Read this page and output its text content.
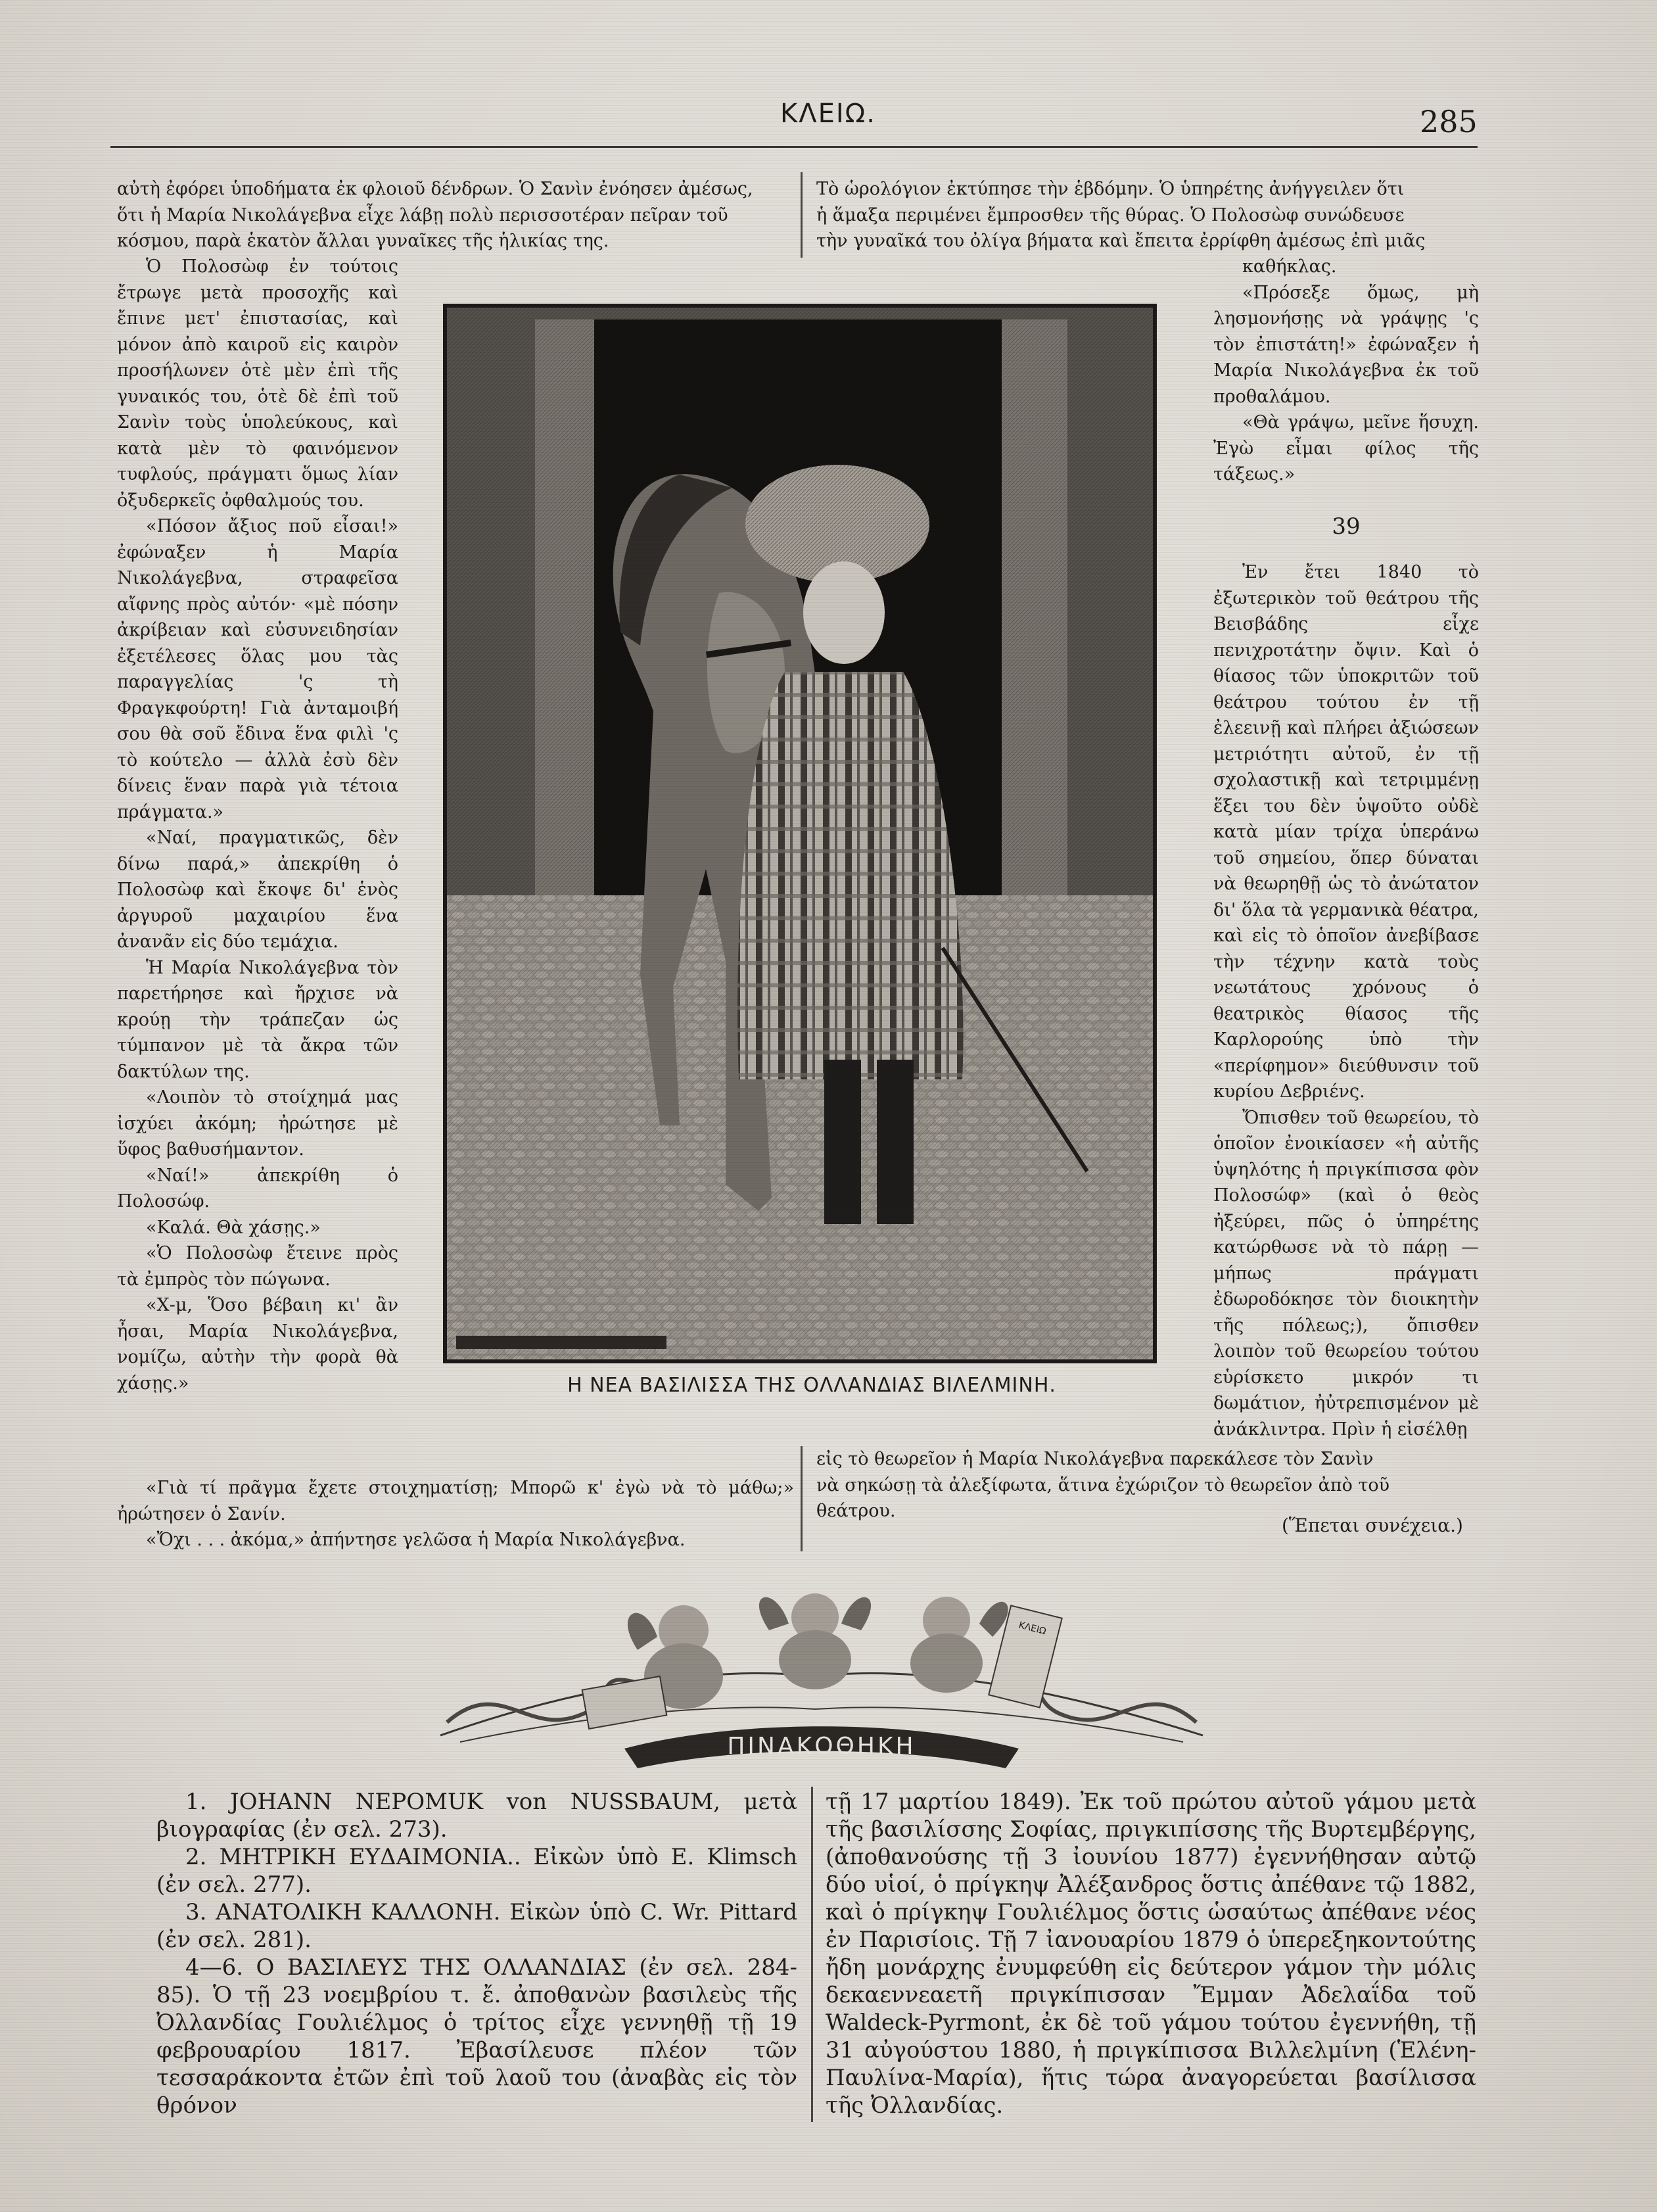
ΚΛΕΙΩ.	285

αὐτὴ ἐφόρει ὑποδήματα ἐκ φλοιοῦ δένδρων. Ὁ Σανὶν ἐνόησεν ἀμέσως,

ὅτι ἡ Μαρία Νικολάγεβνα εἶχε λάβῃ πολὺ περισσοτέραν πεῖραν τοῦ

κόσμου, παρὰ ἑκατὸν ἄλλαι γυναῖκες τῆς ἡλικίας της.

Ὁ Πολοσὼφ ἐν τούτοις ἔτρωγε μετὰ προσοχῆς καὶ ἔπινε μετ' ἐπιστασίας, καὶ μόνον ἀπὸ καιροῦ εἰς καιρὸν προσήλωνεν ὁτὲ μὲν ἐπὶ τῆς γυναικός του, ὁτὲ δὲ ἐπὶ τοῦ Σανὶν τοὺς ὑπολεύκους, καὶ κατὰ μὲν τὸ φαινόμενον τυφλούς, πράγματι ὅμως λίαν ὀξυδερκεῖς ὀφθαλμούς του.

«Πόσον ἄξιος ποῦ εἶσαι!» ἐφώναξεν ἡ Μαρία Νικολάγεβνα, στραφεῖσα αἴφνης πρὸς αὐτόν· «μὲ πόσην ἀκρίβειαν καὶ εὐσυνειδησίαν ἐξετέλεσες ὅλας μου τὰς παραγγελίας 'ς τὴ Φραγκφούρτη! Γιὰ ἀνταμοιβή σου θὰ σοῦ ἔδινα ἕνα φιλὶ 'ς τὸ κούτελο — ἀλλὰ ἐσὺ δὲν δίνεις ἕναν παρὰ γιὰ τέτοια πράγματα.»

«Ναί, πραγματικῶς, δὲν δίνω παρά,» ἀπεκρίθη ὁ Πολοσὼφ καὶ ἔκοψε δι' ἑνὸς ἀργυροῦ μαχαιρίου ἕνα ἀνανᾶν εἰς δύο τεμάχια.

Ἡ Μαρία Νικολάγεβνα τὸν παρετήρησε καὶ ἤρχισε νὰ κρούῃ τὴν τράπεζαν ὡς τύμπανον μὲ τὰ ἄκρα τῶν δακτύλων της.

«Λοιπὸν τὸ στοίχημά μας ἰσχύει ἀκόμη; ἠρώτησε μὲ ὕφος βαθυσήμαντον.

«Ναί!» ἀπεκρίθη ὁ Πολοσώφ.

«Καλά. Θὰ χάσῃς.»

«Ὁ Πολοσὼφ ἔτεινε πρὸς τὰ ἐμπρὸς τὸν πώγωνα.

«Χ-μ, Ὅσο βέβαιη κι' ἂν ἦσαι, Μαρία Νικολάγεβνα, νομίζω, αὐτὴν τὴν φορὰ θὰ χάσῃς.»

«Γιὰ τί πρᾶγμα ἔχετε στοιχηματίσῃ; Μπορῶ κ' ἐγὼ νὰ τὸ μάθω;» ἠρώτησεν ὁ Σανίν.

«Ὄχι . . . ἀκόμα,» ἀπήντησε γελῶσα ἡ Μαρία Νικολάγεβνα.

Τὸ ὡρολόγιον ἐκτύπησε τὴν ἑβδόμην. Ὁ ὑπηρέτης ἀνήγγειλεν ὅτι

ἡ ἅμαξα περιμένει ἔμπροσθεν τῆς θύρας. Ὁ Πολοσὼφ συνώδευσε

τὴν γυναῖκά του ὀλίγα βήματα καὶ ἔπειτα ἐρρίφθη ἀμέσως ἐπὶ μιᾶς

καθήκλας.

«Πρόσεξε ὅμως, μὴ λησμονήσῃς νὰ γράψῃς 'ς τὸν ἐπιστάτη!» ἐφώναξεν ἡ Μαρία Νικολάγεβνα ἐκ τοῦ προθαλάμου.

«Θὰ γράψω, μεῖνε ἥσυχη. Ἐγὼ εἶμαι φίλος τῆς τάξεως.»

39

Ἐν ἔτει 1840 τὸ ἐξωτερικὸν τοῦ θεάτρου τῆς Βεισβάδης εἶχε πενιχροτάτην ὄψιν. Καὶ ὁ θίασος τῶν ὑποκριτῶν τοῦ θεάτρου τούτου ἐν τῇ ἐλεεινῇ καὶ πλήρει ἀξιώσεων μετριότητι αὐτοῦ, ἐν τῇ σχολαστικῇ καὶ τετριμμένῃ ἕξει του δὲν ὑψοῦτο οὐδὲ κατὰ μίαν τρίχα ὑπεράνω τοῦ σημείου, ὅπερ δύναται νὰ θεωρηθῇ ὡς τὸ ἀνώτατον δι' ὅλα τὰ γερμανικὰ θέατρα, καὶ εἰς τὸ ὁποῖον ἀνεβίβασε τὴν τέχνην κατὰ τοὺς νεωτάτους χρόνους ὁ θεατρικὸς θίασος τῆς Καρλορούης ὑπὸ τὴν «περίφημον» διεύθυνσιν τοῦ κυρίου Δεβριένς.

Ὄπισθεν τοῦ θεωρείου, τὸ ὁποῖον ἐνοικίασεν «ἡ αὐτῆς ὑψηλότης ἡ πριγκίπισσα φὸν Πολοσώφ» (καὶ ὁ θεὸς ἠξεύρει, πῶς ὁ ὑπηρέτης κατώρθωσε νὰ τὸ πάρῃ — μήπως πράγματι ἐδωροδόκησε τὸν διοικητὴν τῆς πόλεως;), ὄπισθεν λοιπὸν τοῦ θεωρείου τούτου εὑρίσκετο μικρόν τι δωμάτιον, ἠὐτρεπισμένον μὲ ἀνάκλιντρα. Πρὶν ἡ εἰσέλθῃ

εἰς τὸ θεωρεῖον ἡ Μαρία Νικολάγεβνα παρεκάλεσε τὸν Σανὶν

νὰ σηκώσῃ τὰ ἀλεξίφωτα, ἅτινα ἐχώριζον τὸ θεωρεῖον ἀπὸ τοῦ

θεάτρου.

(Ἕπεται συνέχεια.)
Η ΝΕΑ ΒΑΣΙΛΙΣΣΑ ΤΗΣ ΟΛΛΑΝΔΙΑΣ ΒΙΛΕΛΜΙΝΗ.
ΚΛΕΙΩ
ΠΙΝΑΚΟΘΗΚΗ

1. JOHANN NEPOMUK von NUSSBAUM, μετὰ βιογραφίας (ἐν σελ. 273).

2. ΜΗΤΡΙΚΗ ΕΥΔΑΙΜΟΝΙΑ.. Εἰκὼν ὑπὸ E. Klimsch (ἐν σελ. 277).

3. ΑΝΑΤΟΛΙΚΗ ΚΑΛΛΟΝΗ. Εἰκὼν ὑπὸ C. Wr. Pittard (ἐν σελ. 281).

4—6. Ο ΒΑΣΙΛΕΥΣ ΤΗΣ ΟΛΛΑΝΔΙΑΣ (ἐν σελ. 284-85). Ὁ τῇ 23 νοεμβρίου τ. ἔ. ἀποθανὼν βασιλεὺς τῆς Ὀλλανδίας Γουλιέλμος ὁ τρίτος εἶχε γεννηθῇ τῇ 19 φεβρουαρίου 1817. Ἐβασίλευσε πλέον τῶν τεσσαράκοντα ἐτῶν ἐπὶ τοῦ λαοῦ του (ἀναβὰς εἰς τὸν θρόνον

τῇ 17 μαρτίου 1849). Ἐκ τοῦ πρώτου αὐτοῦ γάμου μετὰ τῆς βασιλίσσης Σοφίας, πριγκιπίσσης τῆς Βυρτεμβέργης, (ἀποθανούσης τῇ 3 ἰουνίου 1877) ἐγεννήθησαν αὐτῷ δύο υἱοί, ὁ πρίγκηψ Ἀλέξανδρος ὅστις ἀπέθανε τῷ 1882, καὶ ὁ πρίγκηψ Γουλιέλμος ὅστις ὡσαύτως ἀπέθανε νέος ἐν Παρισίοις. Τῇ 7 ἰανουαρίου 1879 ὁ ὑπερεξηκοντούτης ἤδη μονάρχης ἐνυμφεύθη εἰς δεύτερον γάμον τὴν μόλις δεκαεννεαετῆ πριγκίπισσαν Ἔμμαν Ἀδελαΐδα τοῦ Waldeck-Pyrmont, ἐκ δὲ τοῦ γάμου τούτου ἐγεννήθη, τῇ 31 αὐγούστου 1880, ἡ πριγκίπισσα Βιλλελμίνη (Ἑλένη-Παυλίνα-Μαρία), ἥτις τώρα ἀναγορεύεται βασίλισσα τῆς Ὀλλανδίας.
